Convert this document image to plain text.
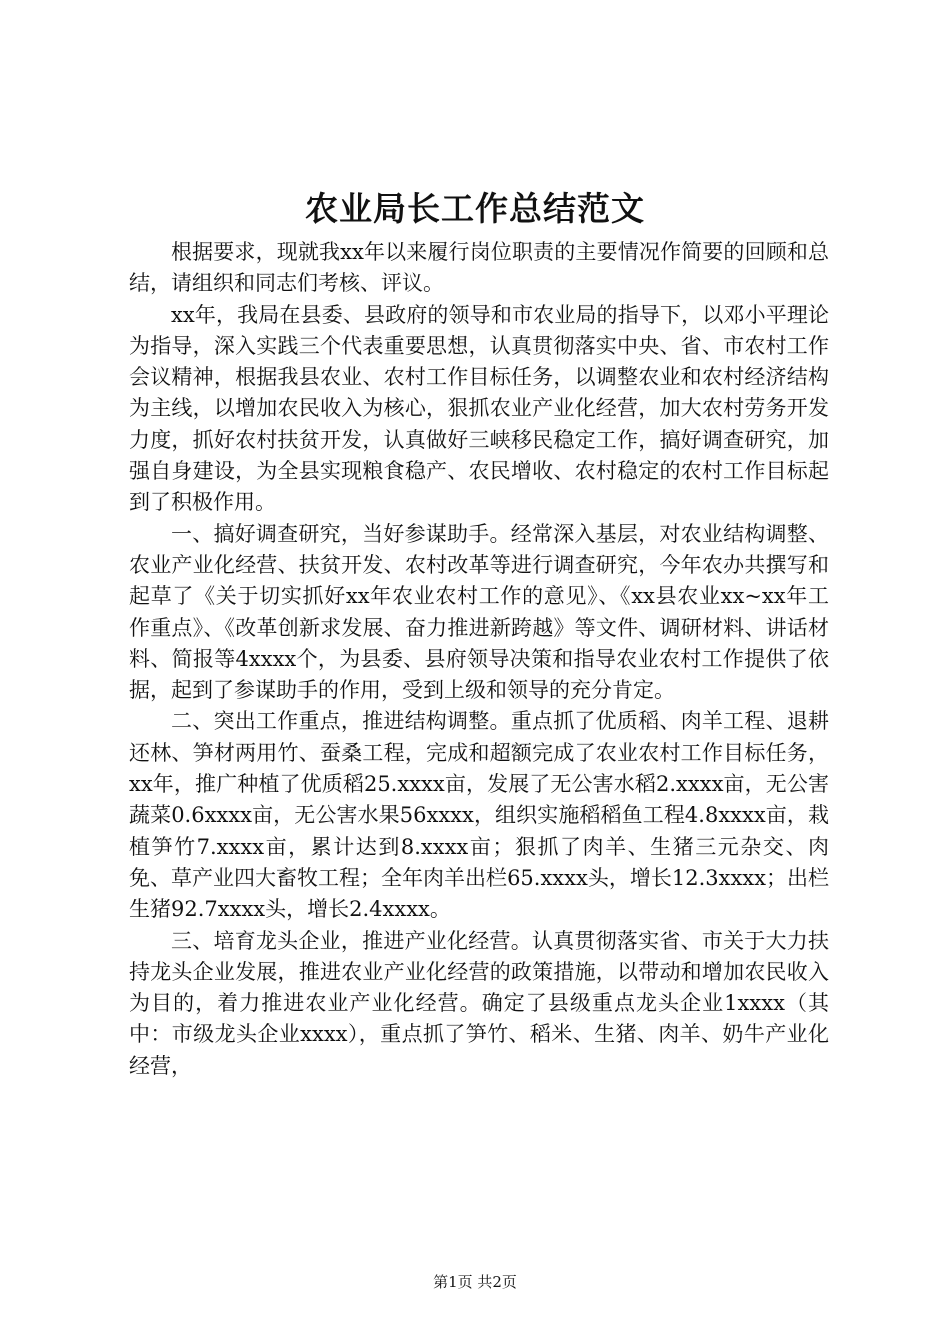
农业局长工作总结范文

根据要求，现就我xx年以来履行岗位职责的主要情况作简要的回顾和总结，请组织和同志们考核、评议。

xx年，我局在县委、县政府的领导和市农业局的指导下，以邓小平理论为指导，深入实践三个代表重要思想，认真贯彻落实中央、省、市农村工作会议精神，根据我县农业、农村工作目标任务，以调整农业和农村经济结构为主线，以增加农民收入为核心，狠抓农业产业化经营，加大农村劳务开发力度，抓好农村扶贫开发，认真做好三峡移民稳定工作，搞好调查研究，加强自身建设，为全县实现粮食稳产、农民增收、农村稳定的农村工作目标起到了积极作用。

一、搞好调查研究，当好参谋助手。经常深入基层，对农业结构调整、农业产业化经营、扶贫开发、农村改革等进行调查研究，今年农办共撰写和起草了《关于切实抓好xx年农业农村工作的意见》、《xx县农业xx~xx年工作重点》、《改革创新求发展、奋力推进新跨越》等文件、调研材料、讲话材料、简报等4xxxx个，为县委、县府领导决策和指导农业农村工作提供了依据，起到了参谋助手的作用，受到上级和领导的充分肯定。

二、突出工作重点，推进结构调整。重点抓了优质稻、肉羊工程、退耕还林、笋材两用竹、蚕桑工程，完成和超额完成了农业农村工作目标任务，xx年，推广种植了优质稻25.xxxx亩，发展了无公害水稻2.xxxx亩，无公害蔬菜0.6xxxx亩，无公害水果56xxxx，组织实施稻稻鱼工程4.8xxxx亩，栽植笋竹7.xxxx亩，累计达到8.xxxx亩；狠抓了肉羊、生猪三元杂交、肉免、草产业四大畜牧工程；全年肉羊出栏65.xxxx头，增长12.3xxxx；出栏生猪92.7xxxx头，增长2.4xxxx。

三、培育龙头企业，推进产业化经营。认真贯彻落实省、市关于大力扶持龙头企业发展，推进农业产业化经营的政策措施，以带动和增加农民收入为目的，着力推进农业产业化经营。确定了县级重点龙头企业1xxxx（其中：市级龙头企业xxxx），重点抓了笋竹、稻米、生猪、肉羊、奶牛产业化经营，

第1页 共2页
